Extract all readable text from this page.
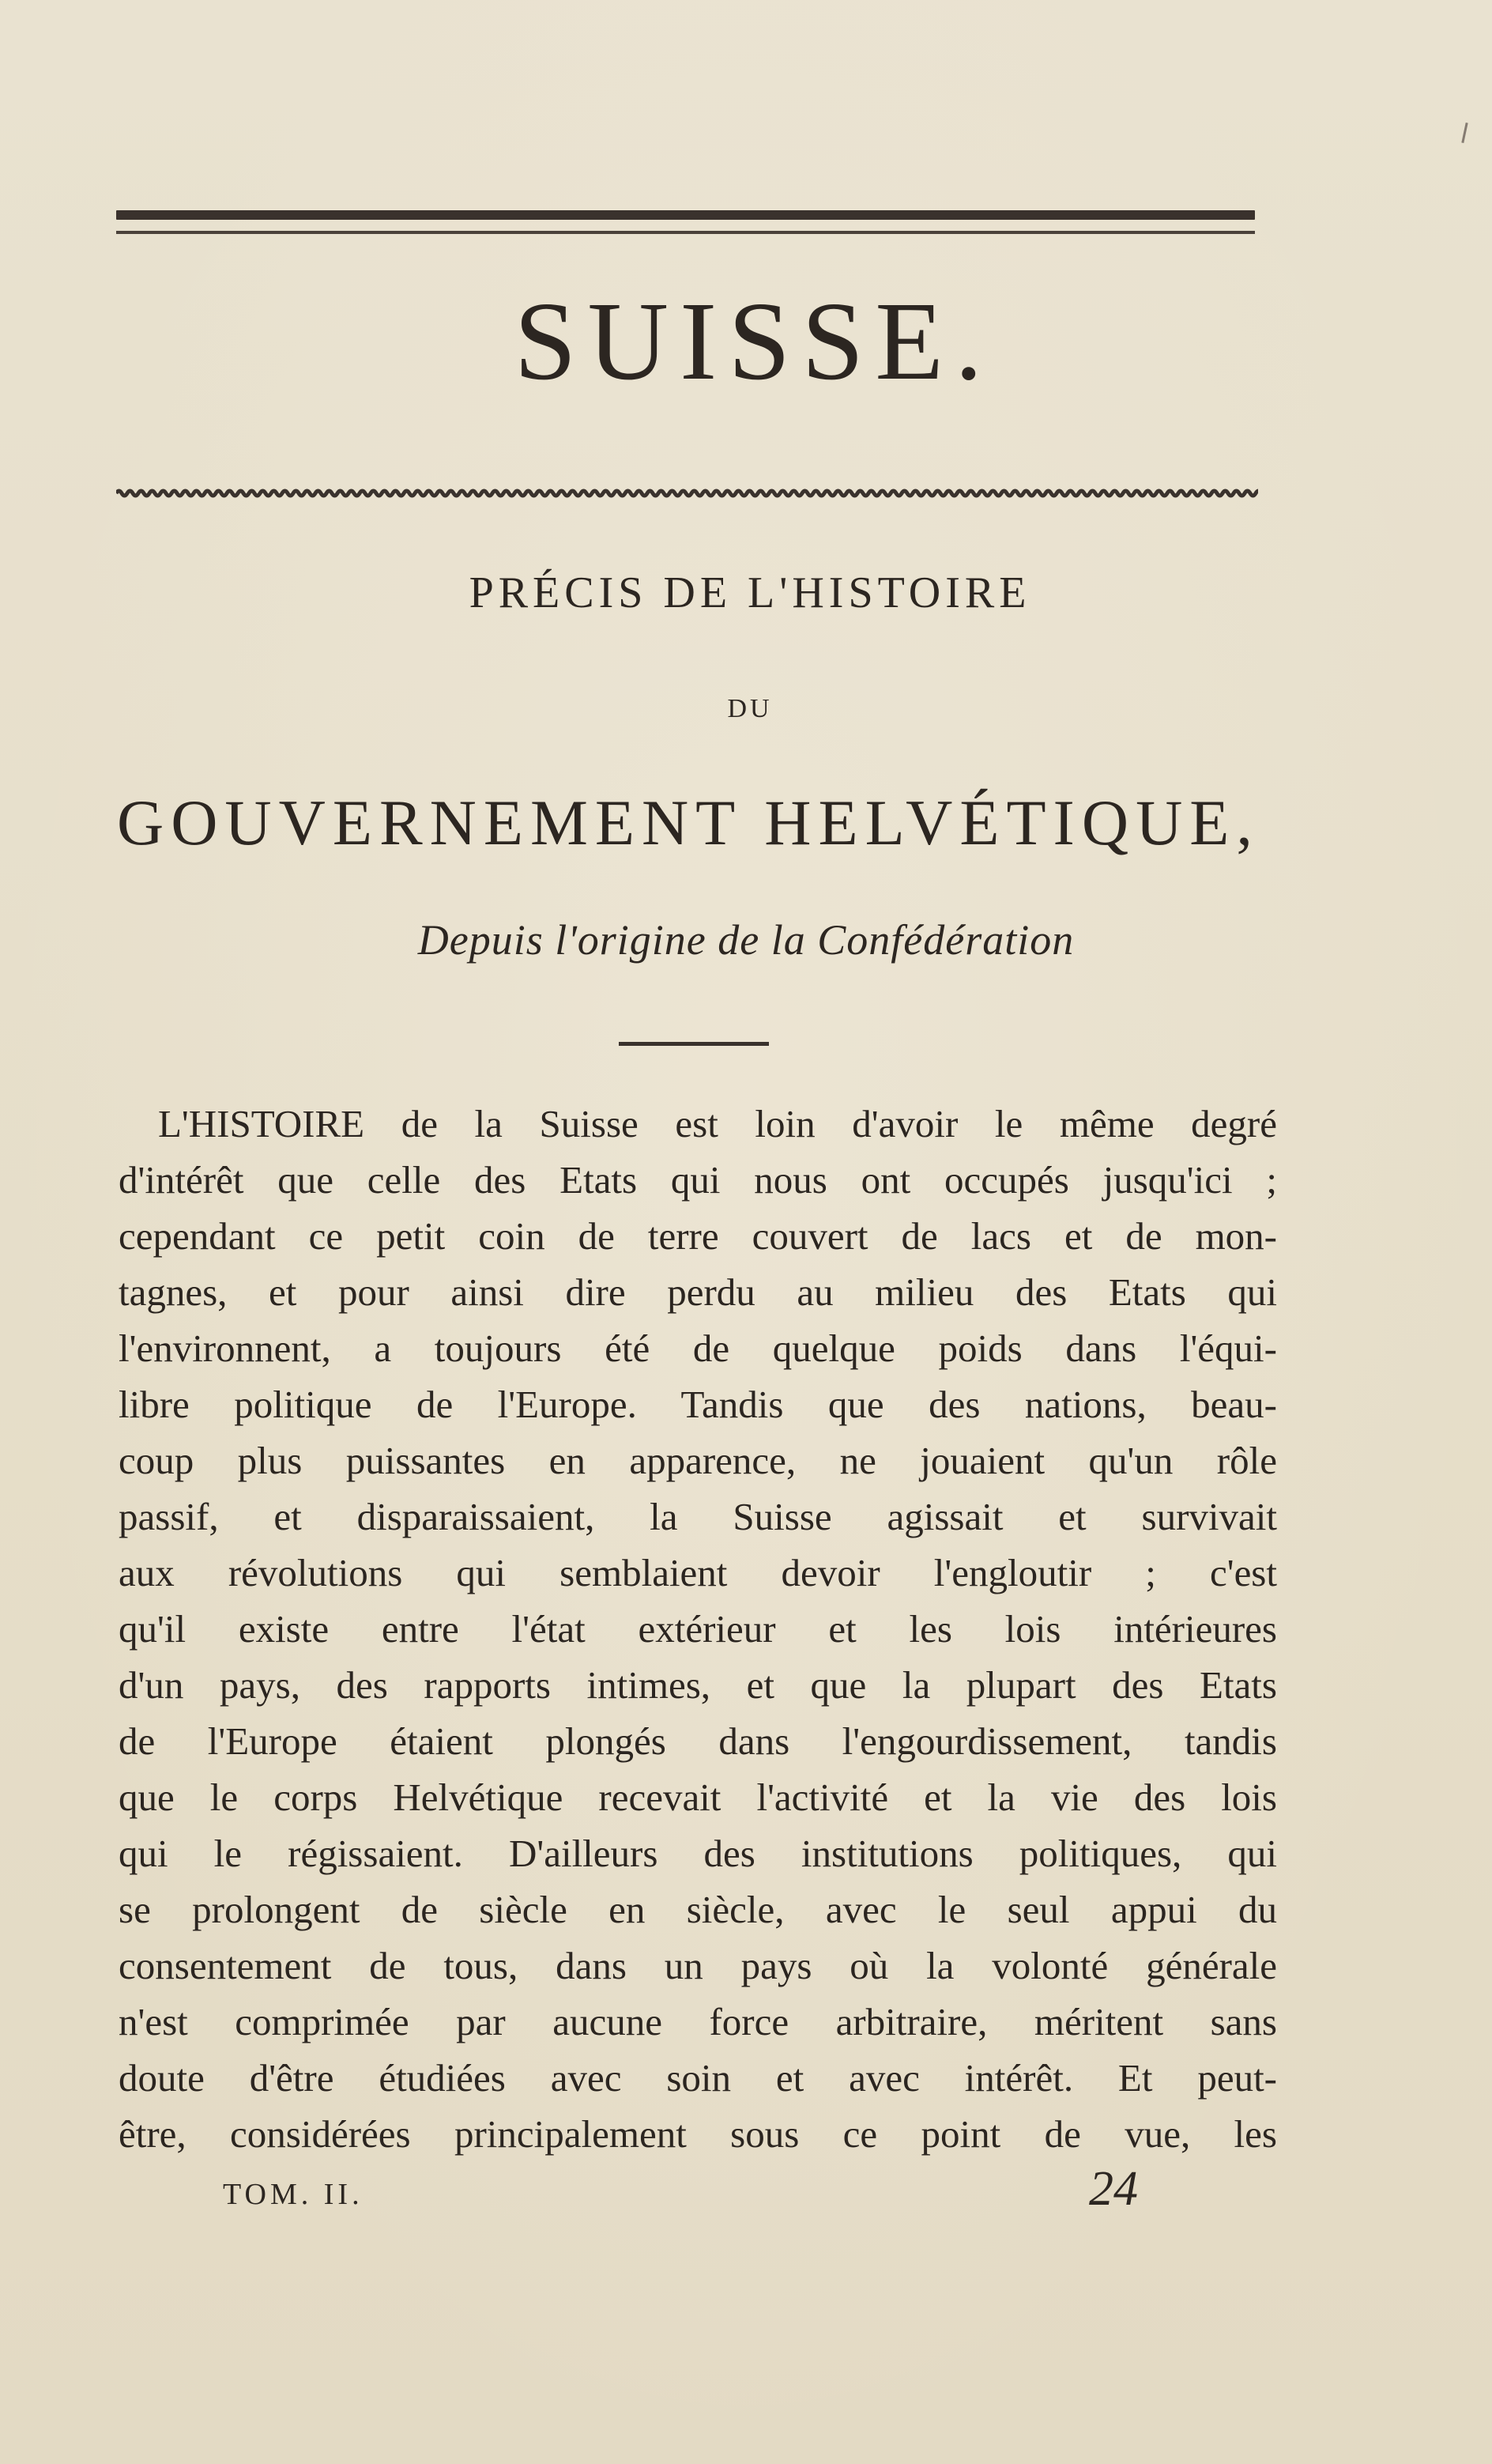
SUISSE.
PRÉCIS DE L'HISTOIRE
DU
GOUVERNEMENT HELVÉTIQUE,
Depuis l'origine de la Confédération
L'HISTOIRE de la Suisse est loin d'avoir le même degré
d'intérêt que celle des Etats qui nous ont occupés jusqu'ici ;
cependant ce petit coin de terre couvert de lacs et de mon-
tagnes, et pour ainsi dire perdu au milieu des Etats qui
l'environnent, a toujours été de quelque poids dans l'équi-
libre politique de l'Europe. Tandis que des nations, beau-
coup plus puissantes en apparence, ne jouaient qu'un rôle
passif, et disparaissaient, la Suisse agissait et survivait
aux révolutions qui semblaient devoir l'engloutir ; c'est
qu'il existe entre l'état extérieur et les lois intérieures
d'un pays, des rapports intimes, et que la plupart des Etats
de l'Europe étaient plongés dans l'engourdissement, tandis
que le corps Helvétique recevait l'activité et la vie des lois
qui le régissaient. D'ailleurs des institutions politiques, qui
se prolongent de siècle en siècle, avec le seul appui du
consentement de tous, dans un pays où la volonté générale
n'est comprimée par aucune force arbitraire, méritent sans
doute d'être étudiées avec soin et avec intérêt. Et peut-
être, considérées principalement sous ce point de vue, les
TOM. II.	24
